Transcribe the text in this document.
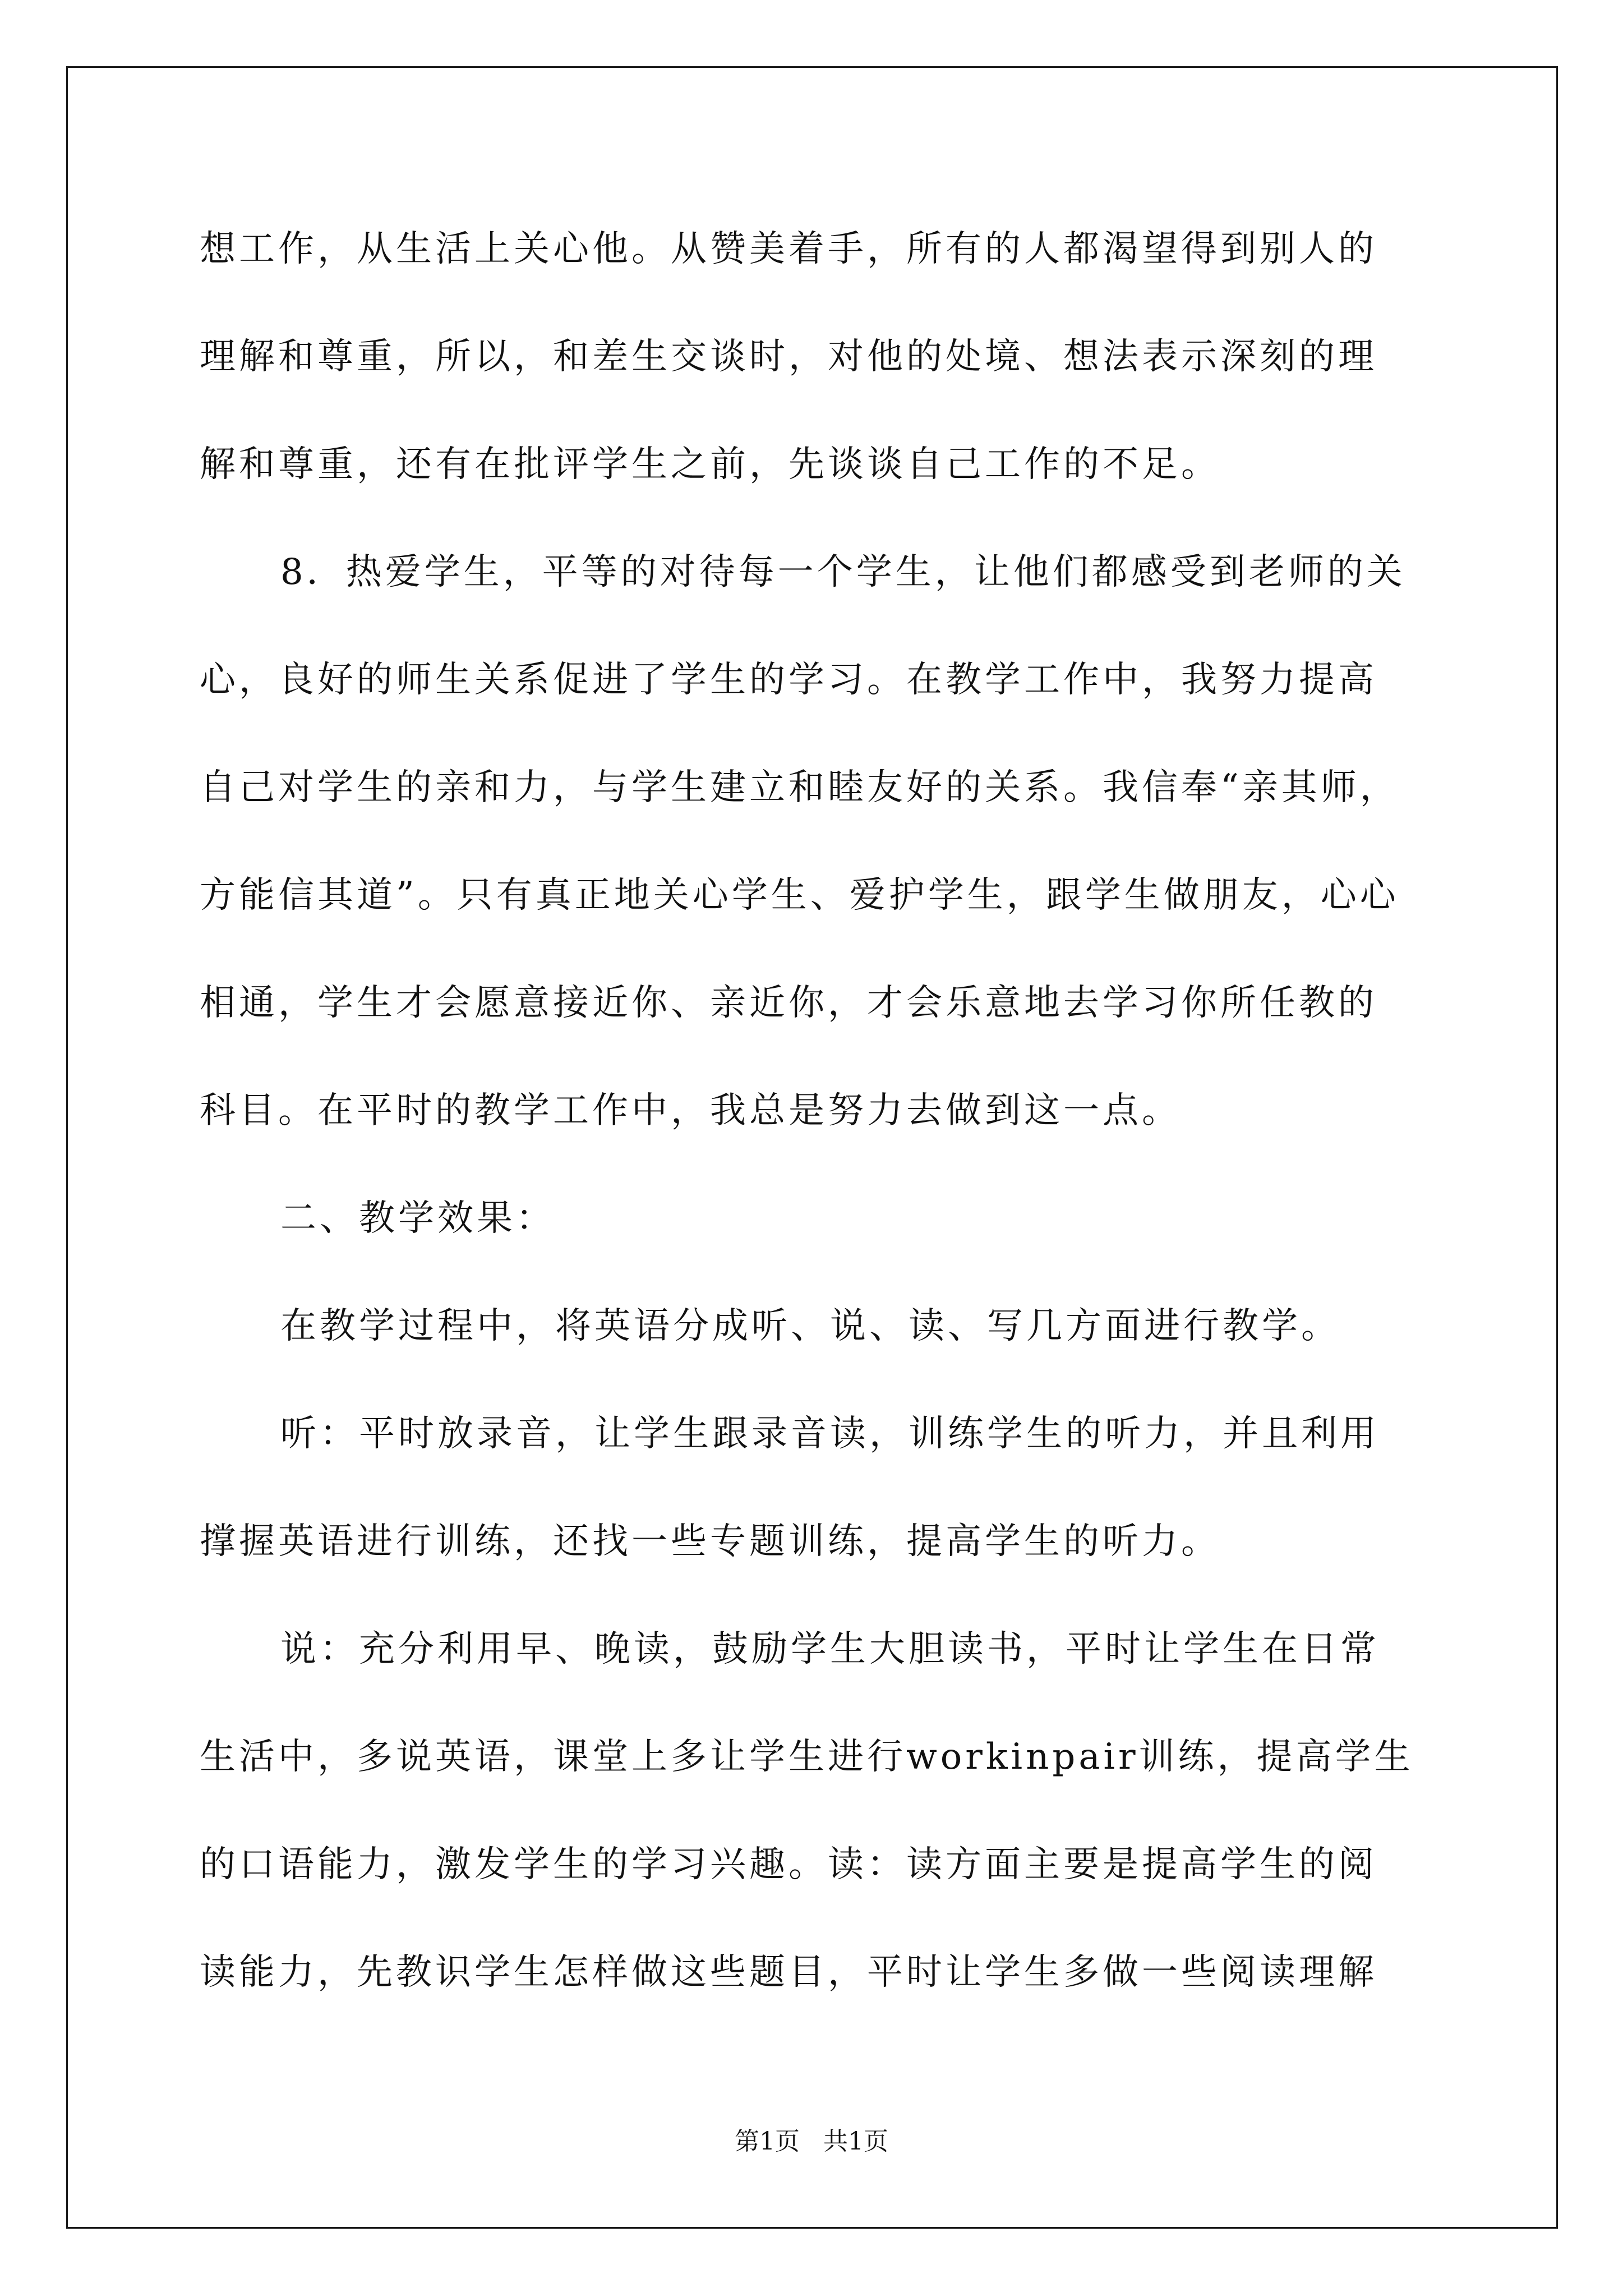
想工作，从生活上关心他。从赞美着手，所有的人都渴望得到别人的
理解和尊重，所以，和差生交谈时，对他的处境、想法表示深刻的理
解和尊重，还有在批评学生之前，先谈谈自己工作的不足。
8．热爱学生，平等的对待每一个学生，让他们都感受到老师的关
心，良好的师生关系促进了学生的学习。在教学工作中，我努力提高
自己对学生的亲和力，与学生建立和睦友好的关系。我信奉“亲其师，
方能信其道”。只有真正地关心学生、爱护学生，跟学生做朋友，心心
相通，学生才会愿意接近你、亲近你，才会乐意地去学习你所任教的
科目。在平时的教学工作中，我总是努力去做到这一点。
二、教学效果：
在教学过程中，将英语分成听、说、读、写几方面进行教学。
听：平时放录音，让学生跟录音读，训练学生的听力，并且利用
撑握英语进行训练，还找一些专题训练，提高学生的听力。
说：充分利用早、晚读，鼓励学生大胆读书，平时让学生在日常
生活中，多说英语，课堂上多让学生进行workinpair训练，提高学生
的口语能力，激发学生的学习兴趣。读：读方面主要是提高学生的阅
读能力，先教识学生怎样做这些题目，平时让学生多做一些阅读理解
第1页 共1页
